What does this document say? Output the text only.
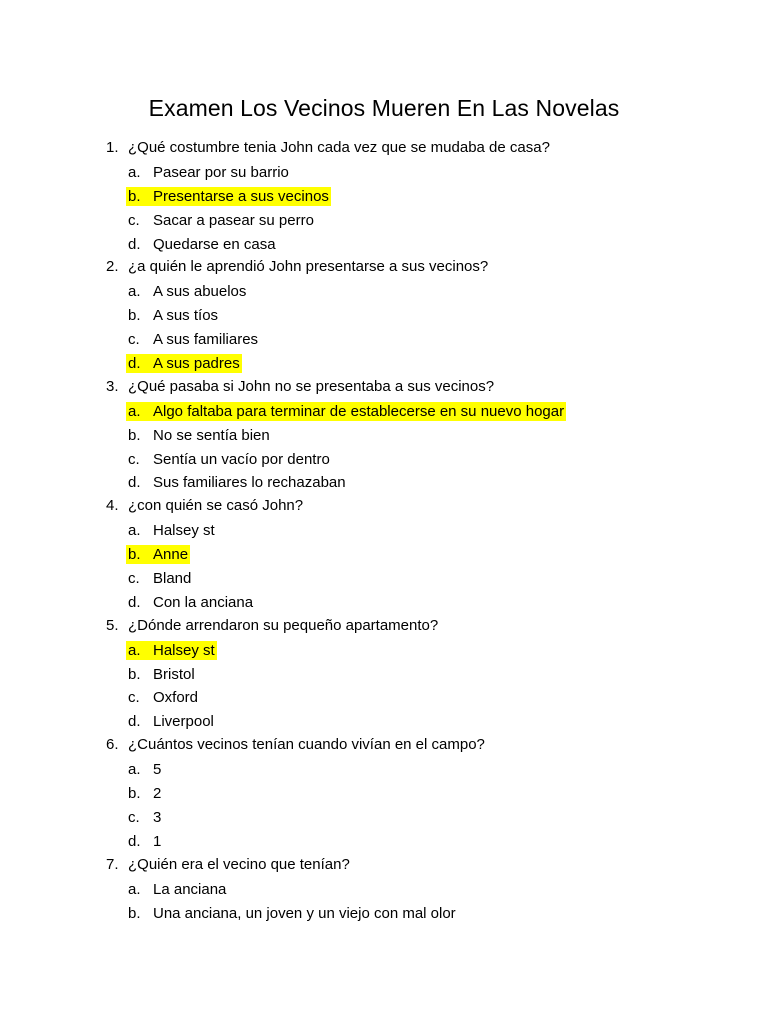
Examen Los Vecinos Mueren En Las Novelas
1. ¿Qué costumbre tenia John cada vez que se mudaba de casa?
a. Pasear por su barrio
b. Presentarse a sus vecinos
c. Sacar a pasear su perro
d. Quedarse en casa
2. ¿a quién le aprendió John presentarse a sus vecinos?
a. A sus abuelos
b. A sus tíos
c. A sus familiares
d. A sus padres
3. ¿Qué pasaba si John no se presentaba a sus vecinos?
a. Algo faltaba para terminar de establecerse en su nuevo hogar
b. No se sentía bien
c. Sentía un vacío por dentro
d. Sus familiares lo rechazaban
4. ¿con quién se casó John?
a. Halsey st
b. Anne
c. Bland
d. Con la anciana
5. ¿Dónde arrendaron su pequeño apartamento?
a. Halsey st
b. Bristol
c. Oxford
d. Liverpool
6. ¿Cuántos vecinos tenían cuando vivían en el campo?
a. 5
b. 2
c. 3
d. 1
7. ¿Quién era el vecino que tenían?
a. La anciana
b. Una anciana, un joven y un viejo con mal olor
